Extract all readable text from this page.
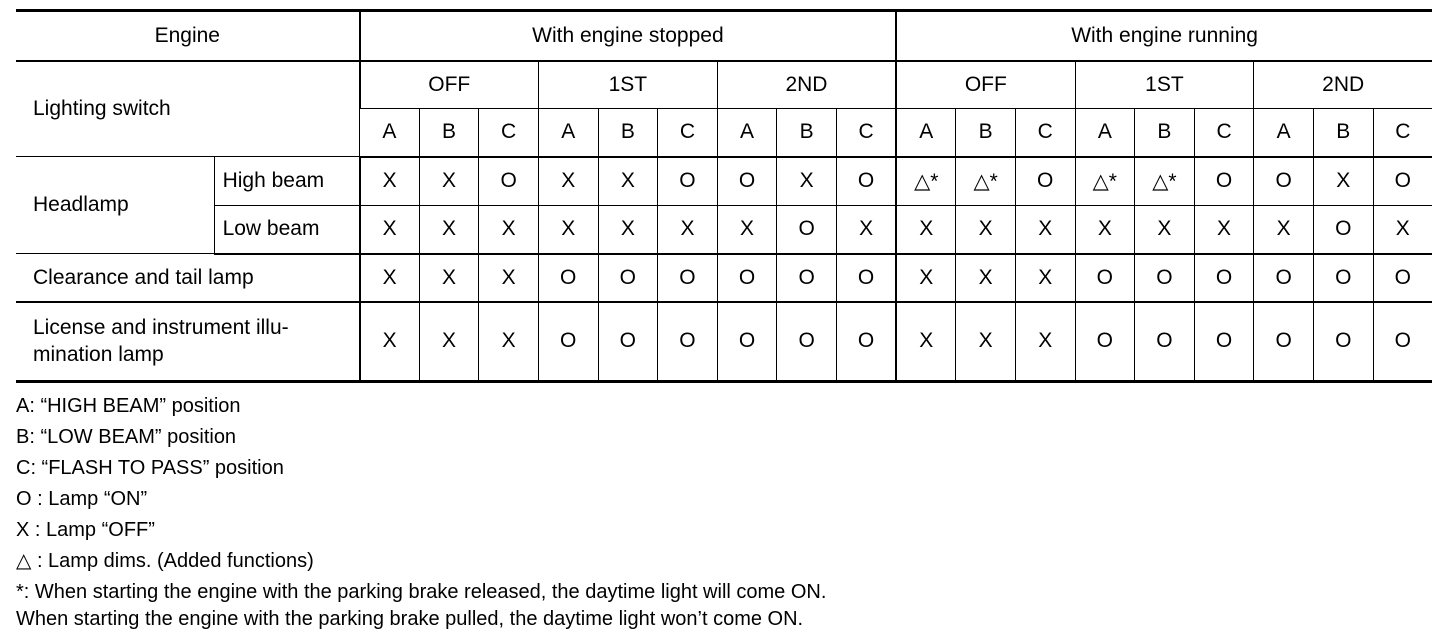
Engine		With engine stopped									With engine running								
Lighting switch		OFF			1ST			2ND			OFF			1ST			2ND		
		A	B	C	A	B	C	A	B	C	A	B	C	A	B	C	A	B	C
Headlamp	High beam	X	X	O	X	X	O	O	X	O	△*	△*	O	△*	△*	O	O	X	O
	Low beam	X	X	X	X	X	X	X	O	X	X	X	X	X	X	X	X	O	X
Clearance and tail lamp		X	X	X	O	O	O	O	O	O	X	X	X	O	O	O	O	O	O
License and instrument illu-
mination lamp		X	X	X	O	O	O	O	O	O	X	X	X	O	O	O	O	O	O
A: “HIGH BEAM” position
B: “LOW BEAM” position
C: “FLASH TO PASS” position
O : Lamp “ON”
X : Lamp “OFF”
△ : Lamp dims. (Added functions)
*: When starting the engine with the parking brake released, the daytime light will come ON.
When starting the engine with the parking brake pulled, the daytime light won’t come ON.
